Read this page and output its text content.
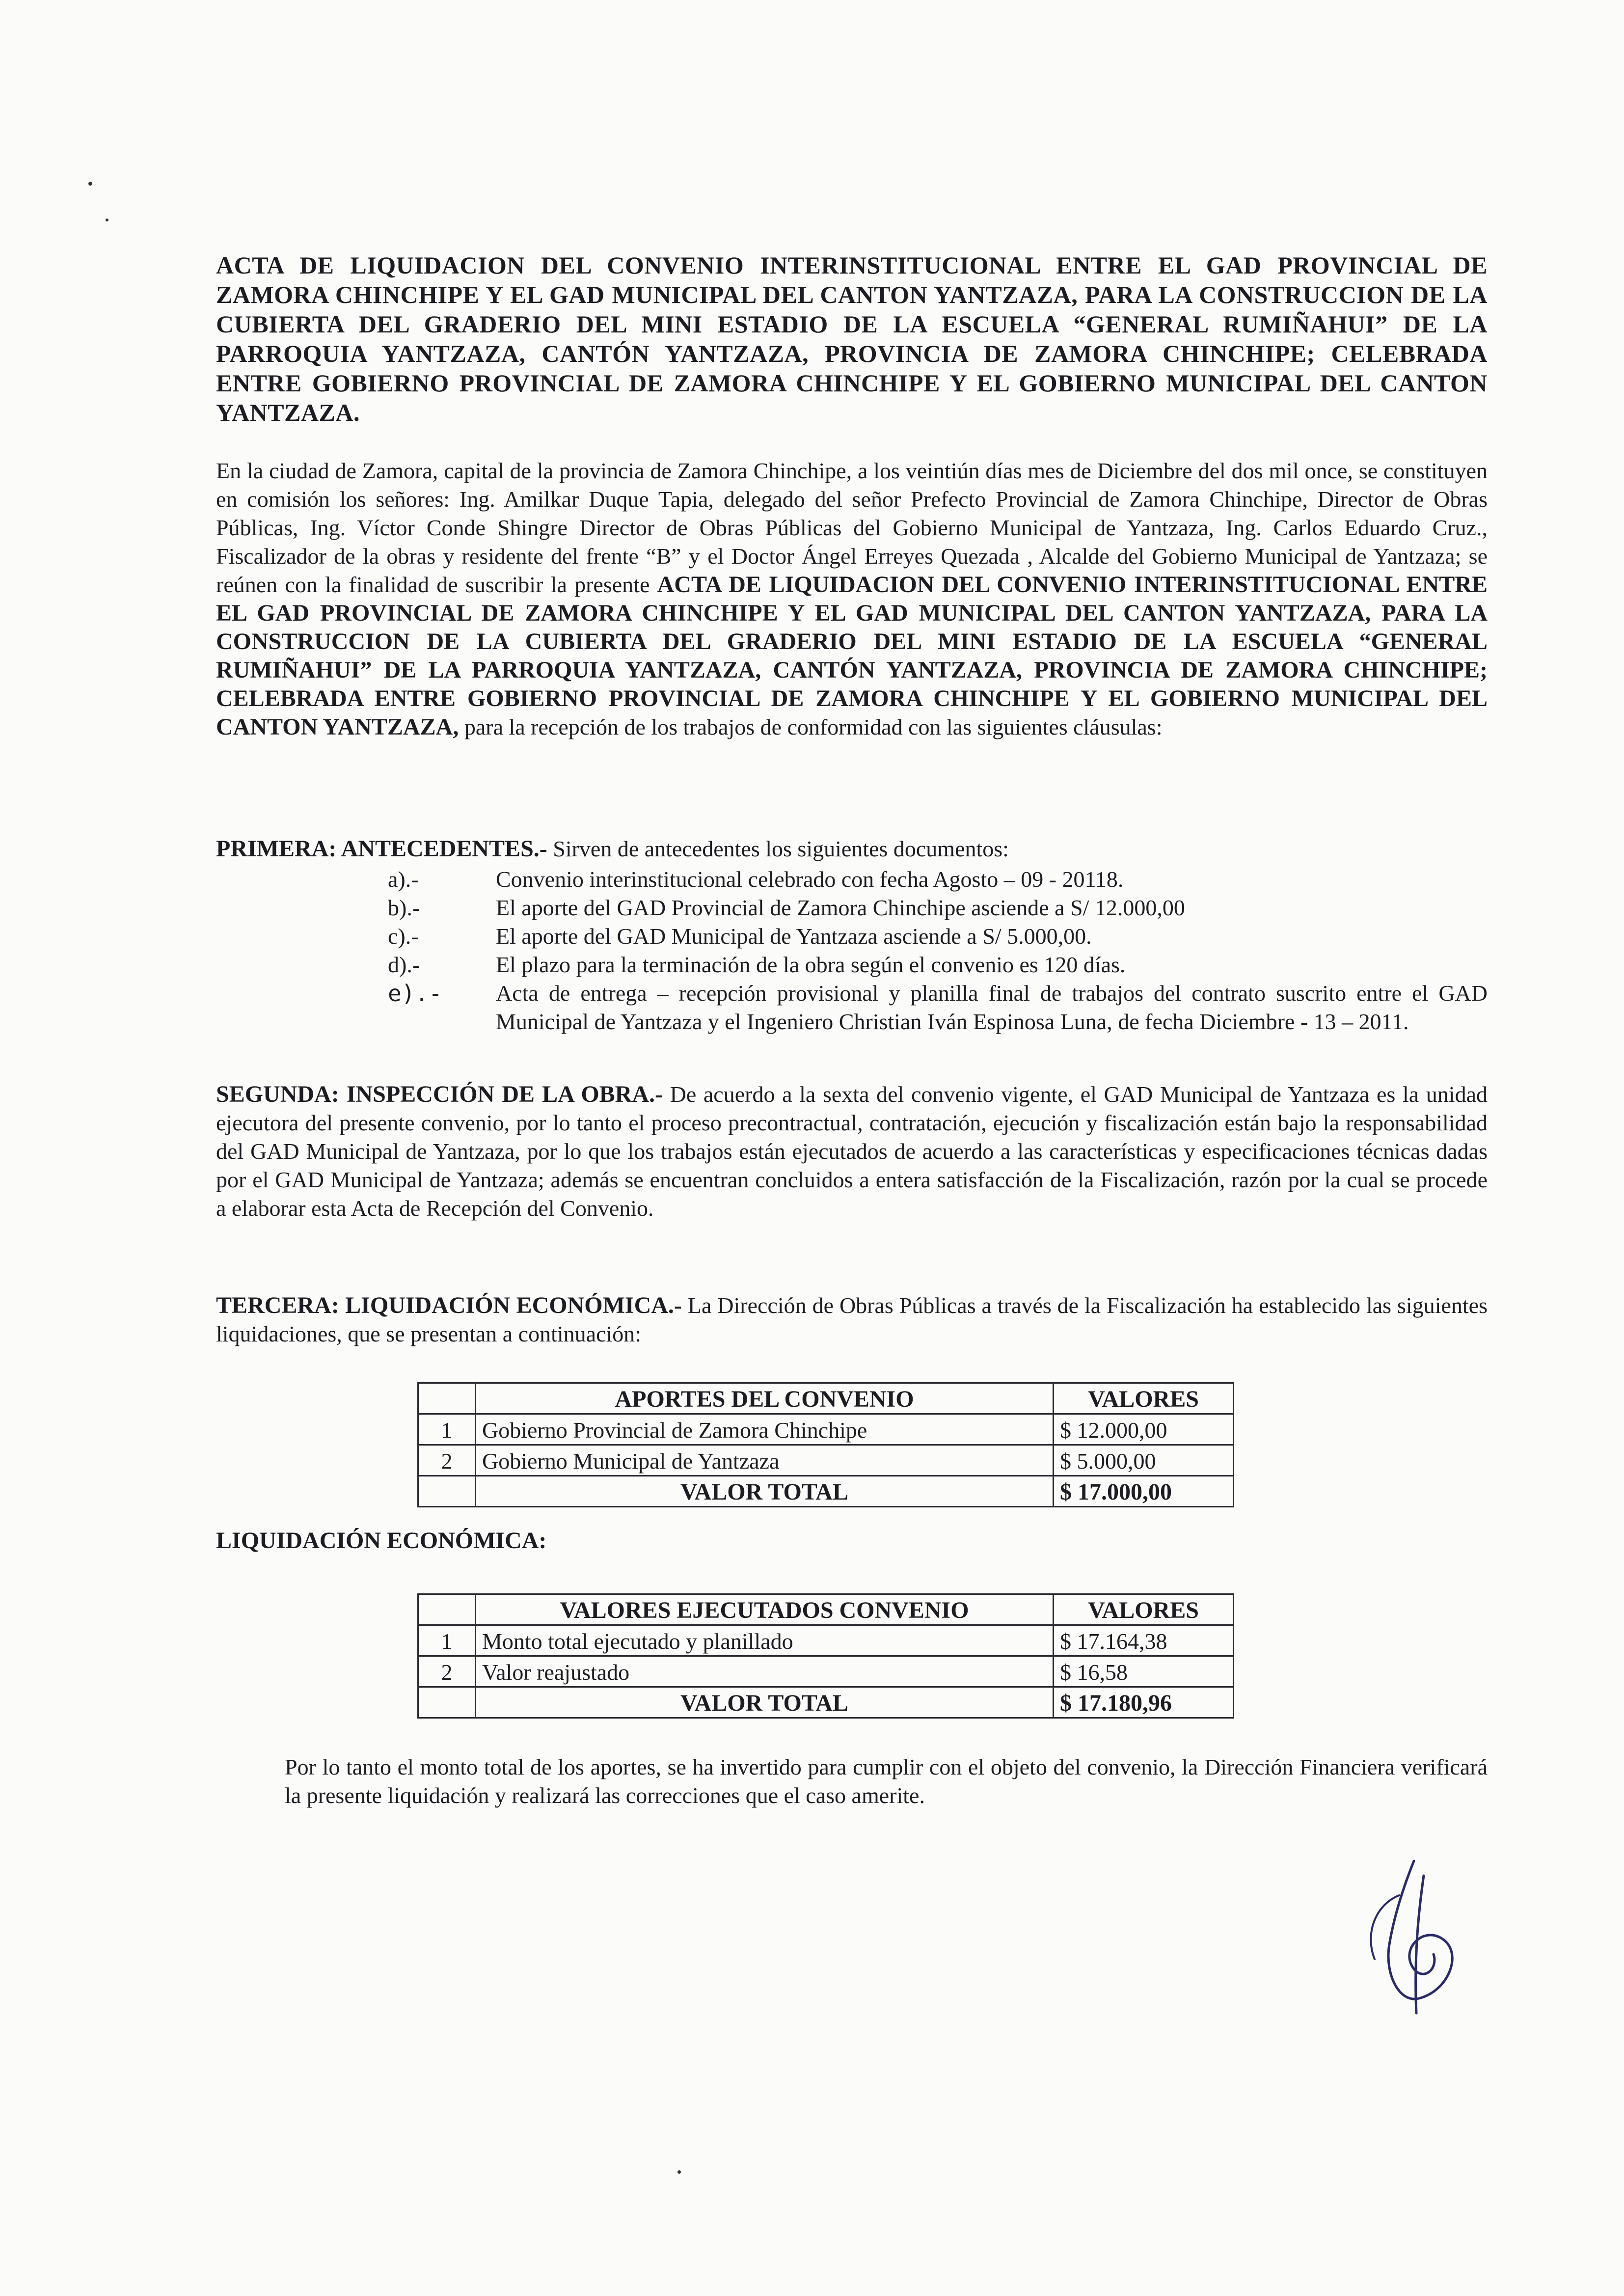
ACTA DE LIQUIDACION DEL CONVENIO INTERINSTITUCIONAL ENTRE EL GAD PROVINCIAL DE ZAMORA CHINCHIPE Y EL GAD MUNICIPAL DEL CANTON YANTZAZA, PARA LA CONSTRUCCION DE LA CUBIERTA DEL GRADERIO DEL MINI ESTADIO DE LA ESCUELA “GENERAL RUMIÑAHUI” DE LA PARROQUIA YANTZAZA, CANTÓN YANTZAZA, PROVINCIA DE ZAMORA CHINCHIPE; CELEBRADA ENTRE GOBIERNO PROVINCIAL DE ZAMORA CHINCHIPE Y EL GOBIERNO MUNICIPAL DEL CANTON YANTZAZA.
En la ciudad de Zamora, capital de la provincia de Zamora Chinchipe, a los veintiún días mes de Diciembre del dos mil once, se constituyen en comisión los señores: Ing. Amilkar Duque Tapia, delegado del señor Prefecto Provincial de Zamora Chinchipe, Director de Obras Públicas, Ing. Víctor Conde Shingre Director de Obras Públicas del Gobierno Municipal de Yantzaza, Ing. Carlos Eduardo Cruz., Fiscalizador de la obras y residente del frente “B” y el Doctor Ángel Erreyes Quezada , Alcalde del Gobierno Municipal de Yantzaza; se reúnen con la finalidad de suscribir la presente ACTA DE LIQUIDACION DEL CONVENIO INTERINSTITUCIONAL ENTRE EL GAD PROVINCIAL DE ZAMORA CHINCHIPE Y EL GAD MUNICIPAL DEL CANTON YANTZAZA, PARA LA CONSTRUCCION DE LA CUBIERTA DEL GRADERIO DEL MINI ESTADIO DE LA ESCUELA “GENERAL RUMIÑAHUI” DE LA PARROQUIA YANTZAZA, CANTÓN YANTZAZA, PROVINCIA DE ZAMORA CHINCHIPE; CELEBRADA ENTRE GOBIERNO PROVINCIAL DE ZAMORA CHINCHIPE Y EL GOBIERNO MUNICIPAL DEL CANTON YANTZAZA, para la recepción de los trabajos de conformidad con las siguientes cláusulas:
PRIMERA: ANTECEDENTES.- Sirven de antecedentes los siguientes documentos:
a).-	Convenio interinstitucional celebrado con fecha Agosto – 09 - 20118.
b).-	El aporte del GAD Provincial de Zamora Chinchipe asciende a S/ 12.000,00
c).-	El aporte del GAD Municipal de Yantzaza asciende a S/ 5.000,00.
d).-	El plazo para la terminación de la obra según el convenio es 120 días.
e).-	Acta de entrega – recepción provisional y planilla final de trabajos del contrato suscrito entre el GAD Municipal de Yantzaza y el Ingeniero Christian Iván Espinosa Luna, de fecha Diciembre - 13 – 2011.
SEGUNDA: INSPECCIÓN DE LA OBRA.- De acuerdo a la sexta del convenio vigente, el GAD Municipal de Yantzaza es la unidad ejecutora del presente convenio, por lo tanto el proceso precontractual, contratación, ejecución y fiscalización están bajo la responsabilidad del GAD Municipal de Yantzaza, por lo que los trabajos están ejecutados de acuerdo a las características y especificaciones técnicas dadas por el GAD Municipal de Yantzaza; además se encuentran concluidos a entera satisfacción de la Fiscalización, razón por la cual se procede a elaborar esta Acta de Recepción del Convenio.
TERCERA: LIQUIDACIÓN ECONÓMICA.- La Dirección de Obras Públicas a través de la Fiscalización ha establecido las siguientes liquidaciones, que se presentan a continuación:
	APORTES DEL CONVENIO	VALORES
1	Gobierno Provincial de Zamora Chinchipe	$ 12.000,00
2	Gobierno Municipal de Yantzaza	$ 5.000,00
	VALOR TOTAL	$ 17.000,00
LIQUIDACIÓN ECONÓMICA:
	VALORES EJECUTADOS CONVENIO	VALORES
1	Monto total ejecutado y planillado	$ 17.164,38
2	Valor reajustado	$ 16,58
	VALOR TOTAL	$ 17.180,96
Por lo tanto el monto total de los aportes, se ha invertido para cumplir con el objeto del convenio, la Dirección Financiera verificará la presente liquidación y realizará las correcciones que el caso amerite.
